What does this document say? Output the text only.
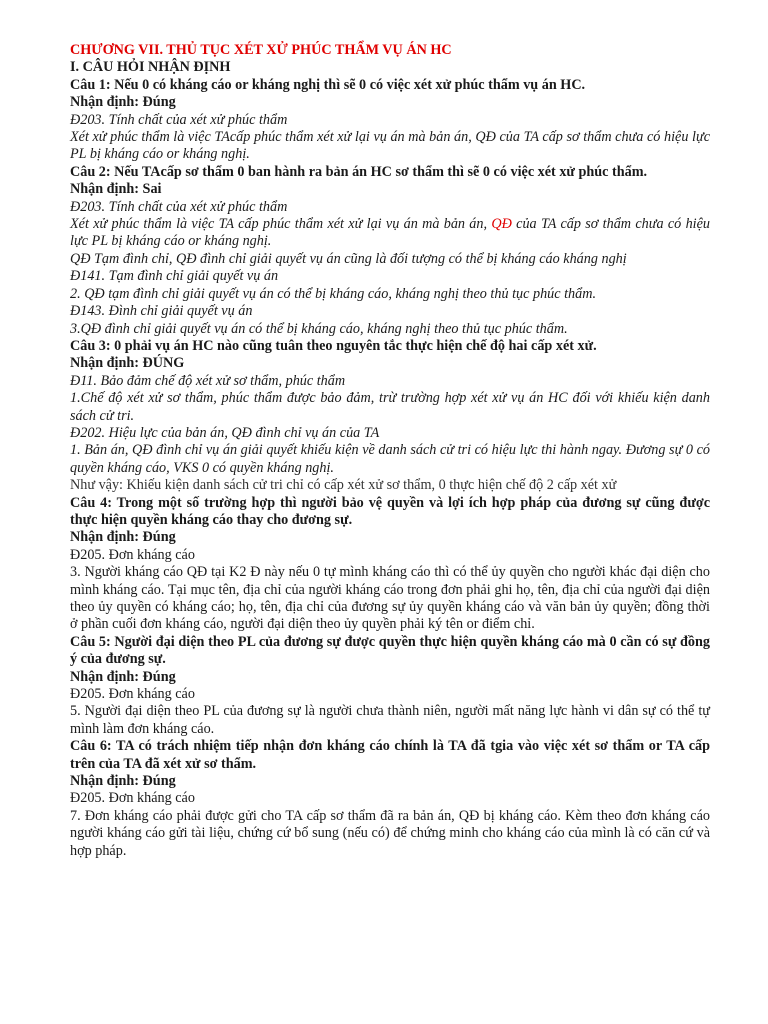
CHƯƠNG VII. THỦ TỤC XÉT XỬ PHÚC THẨM VỤ ÁN HC
I. CÂU HỎI NHẬN ĐỊNH
Câu 1: Nếu 0 có kháng cáo or kháng nghị thì sẽ 0 có việc xét xử phúc thẩm vụ án HC.
Nhận định: Đúng
Đ203. Tính chất của xét xử phúc thẩm
Xét xử phúc thẩm là việc TAcấp phúc thẩm xét xử lại vụ án mà bản án, QĐ của TA cấp sơ thẩm chưa có hiệu lực PL bị kháng cáo or kháng nghị.
Câu 2: Nếu TAcấp sơ thẩm 0 ban hành ra bản án HC sơ thẩm thì sẽ 0 có việc xét xử phúc thẩm.
Nhận định: Sai
Đ203. Tính chất của xét xử phúc thẩm
Xét xử phúc thẩm là việc TA cấp phúc thẩm xét xử lại vụ án mà bản án, QĐ của TA cấp sơ thẩm chưa có hiệu lực PL bị kháng cáo or kháng nghị.
QĐ Tạm đình chỉ, QĐ đình chỉ giải quyết vụ án cũng là đối tượng có thể bị kháng cáo kháng nghị
Đ141. Tạm đình chỉ giải quyết vụ án
2. QĐ tạm đình chỉ giải quyết vụ án có thể bị kháng cáo, kháng nghị theo thủ tục phúc thẩm.
Đ143. Đình chỉ giải quyết vụ án
3.QĐ đình chỉ giải quyết vụ án có thể bị kháng cáo, kháng nghị theo thủ tục phúc thẩm.
Câu 3: 0 phải vụ án HC nào cũng tuân theo nguyên tắc thực hiện chế độ hai cấp xét xử.
Nhận định: ĐÚNG
Đ11. Bảo đảm chế độ xét xử sơ thẩm, phúc thẩm
1.Chế độ xét xử sơ thẩm, phúc thẩm được bảo đảm, trừ trường hợp xét xử vụ án HC đối với khiếu kiện danh sách cử tri.
Đ202. Hiệu lực của bản án, QĐ đình chỉ vụ án của TA
1. Bản án, QĐ đình chỉ vụ án giải quyết khiếu kiện về danh sách cử tri có hiệu lực thi hành ngay. Đương sự 0 có quyền kháng cáo, VKS 0 có quyền kháng nghị.
Như vậy: Khiếu kiện danh sách cử tri chỉ có cấp xét xử sơ thẩm, 0 thực hiện chế độ 2 cấp xét xử
Câu 4: Trong một số trường hợp thì người bảo vệ quyền và lợi ích hợp pháp của đương sự cũng được thực hiện quyền kháng cáo thay cho đương sự.
Nhận định: Đúng
Đ205. Đơn kháng cáo
3. Người kháng cáo QĐ tại K2 Đ này nếu 0 tự mình kháng cáo thì có thể ủy quyền cho người khác đại diện cho mình kháng cáo. Tại mục tên, địa chỉ của người kháng cáo trong đơn phải ghi họ, tên, địa chỉ của người đại diện theo ủy quyền có kháng cáo; họ, tên, địa chỉ của đương sự ủy quyền kháng cáo và văn bản ủy quyền; đồng thời ở phần cuối đơn kháng cáo, người đại diện theo ủy quyền phải ký tên or điểm chỉ.
Câu 5: Người đại diện theo PL của đương sự được quyền thực hiện quyền kháng cáo mà 0 cần có sự đồng ý của đương sự.
Nhận định: Đúng
Đ205. Đơn kháng cáo
5. Người đại diện theo PL của đương sự là người chưa thành niên, người mất năng lực hành vi dân sự có thể tự mình làm đơn kháng cáo.
Câu 6: TA có trách nhiệm tiếp nhận đơn kháng cáo chính là TA đã tgia vào việc xét sơ thẩm or TA cấp trên của TA đã xét xử sơ thẩm.
Nhận định: Đúng
Đ205. Đơn kháng cáo
7. Đơn kháng cáo phải được gửi cho TA cấp sơ thẩm đã ra bản án, QĐ bị kháng cáo. Kèm theo đơn kháng cáo người kháng cáo gửi tài liệu, chứng cứ bổ sung (nếu có) để chứng minh cho kháng cáo của mình là có căn cứ và hợp pháp.
